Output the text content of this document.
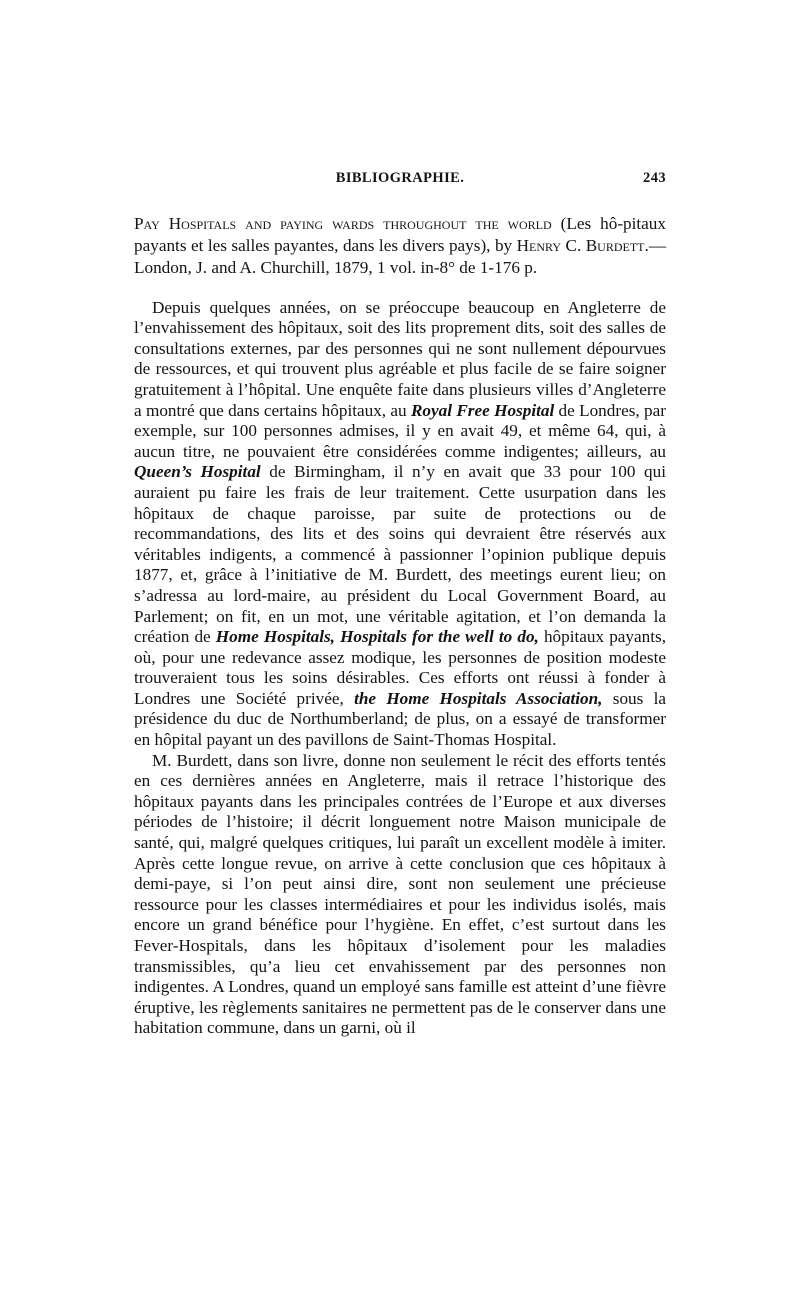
BIBLIOGRAPHIE.	243
Pay Hospitals and paying wards throughout the world (Les hô-pitaux payants et les salles payantes, dans les divers pays), by Henry C. Burdett.— London, J. and A. Churchill, 1879, 1 vol. in-8° de 1-176 p.

Depuis quelques années, on se préoccupe beaucoup en Angleterre de l’envahissement des hôpitaux, soit des lits proprement dits, soit des salles de consultations externes, par des personnes qui ne sont nullement dépourvues de ressources, et qui trouvent plus agréable et plus facile de se faire soigner gratuitement à l’hôpital. Une enquête faite dans plusieurs villes d’Angleterre a montré que dans certains hôpitaux, au Royal Free Hospital de Londres, par exemple, sur 100 personnes admises, il y en avait 49, et même 64, qui, à aucun titre, ne pouvaient être considérées comme indigentes; ailleurs, au Queen’s Hospital de Birmingham, il n’y en avait que 33 pour 100 qui auraient pu faire les frais de leur traitement. Cette usurpation dans les hôpitaux de chaque paroisse, par suite de protections ou de recommandations, des lits et des soins qui devraient être réservés aux véritables indigents, a commencé à passionner l’opinion publique depuis 1877, et, grâce à l’initiative de M. Burdett, des meetings eurent lieu; on s’adressa au lord-maire, au président du Local Government Board, au Parlement; on fit, en un mot, une véritable agitation, et l’on demanda la création de Home Hospitals, Hospitals for the well to do, hôpitaux payants, où, pour une redevance assez modique, les personnes de position modeste trouveraient tous les soins désirables. Ces efforts ont réussi à fonder à Londres une Société privée, the Home Hospitals Association, sous la présidence du duc de Northumberland; de plus, on a essayé de transformer en hôpital payant un des pavillons de Saint-Thomas Hospital.

M. Burdett, dans son livre, donne non seulement le récit des efforts tentés en ces dernières années en Angleterre, mais il retrace l’historique des hôpitaux payants dans les principales contrées de l’Europe et aux diverses périodes de l’histoire; il décrit longuement notre Maison municipale de santé, qui, malgré quelques critiques, lui paraît un excellent modèle à imiter. Après cette longue revue, on arrive à cette conclusion que ces hôpitaux à demi-paye, si l’on peut ainsi dire, sont non seulement une précieuse ressource pour les classes intermédiaires et pour les individus isolés, mais encore un grand bénéfice pour l’hygiène. En effet, c’est surtout dans les Fever-Hospitals, dans les hôpitaux d’isolement pour les maladies transmissibles, qu’a lieu cet envahissement par des personnes non indigentes. A Londres, quand un employé sans famille est atteint d’une fièvre éruptive, les règlements sanitaires ne permettent pas de le conserver dans une habitation commune, dans un garni, où il
